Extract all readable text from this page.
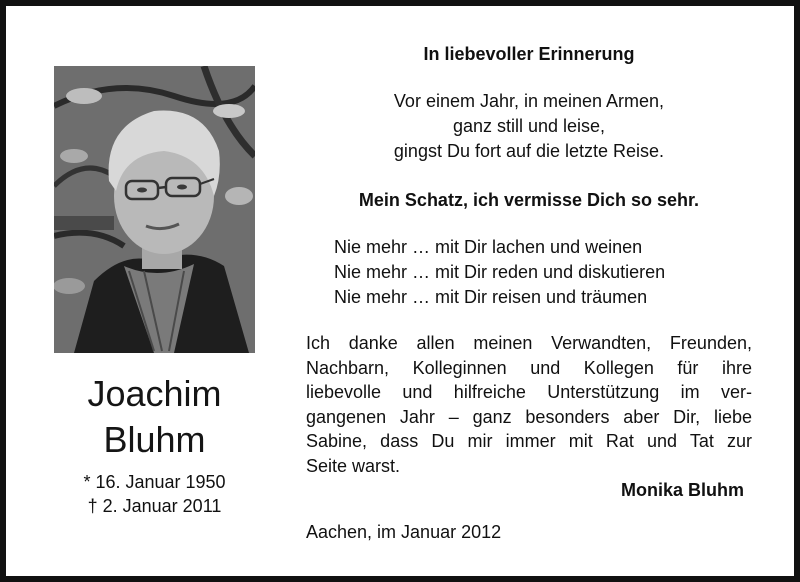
Joachim
Bluhm
* 16. Januar 1950
† 2. Januar 2011
In liebevoller Erinnerung
Vor einem Jahr, in meinen Armen,
ganz still und leise,
gingst Du fort auf die letzte Reise.
Mein Schatz, ich vermisse Dich so sehr.
Nie mehr … mit Dir lachen und weinen
Nie mehr … mit Dir reden und diskutieren
Nie mehr … mit Dir reisen und träumen
Ich danke allen meinen Verwandten, Freunden,
Nachbarn, Kolleginnen und Kollegen für ihre
liebevolle und hilfreiche Unterstützung im ver-
gangenen Jahr – ganz besonders aber Dir, liebe
Sabine, dass Du mir immer mit Rat und Tat zur
Seite warst.
Monika Bluhm
Aachen, im Januar 2012
